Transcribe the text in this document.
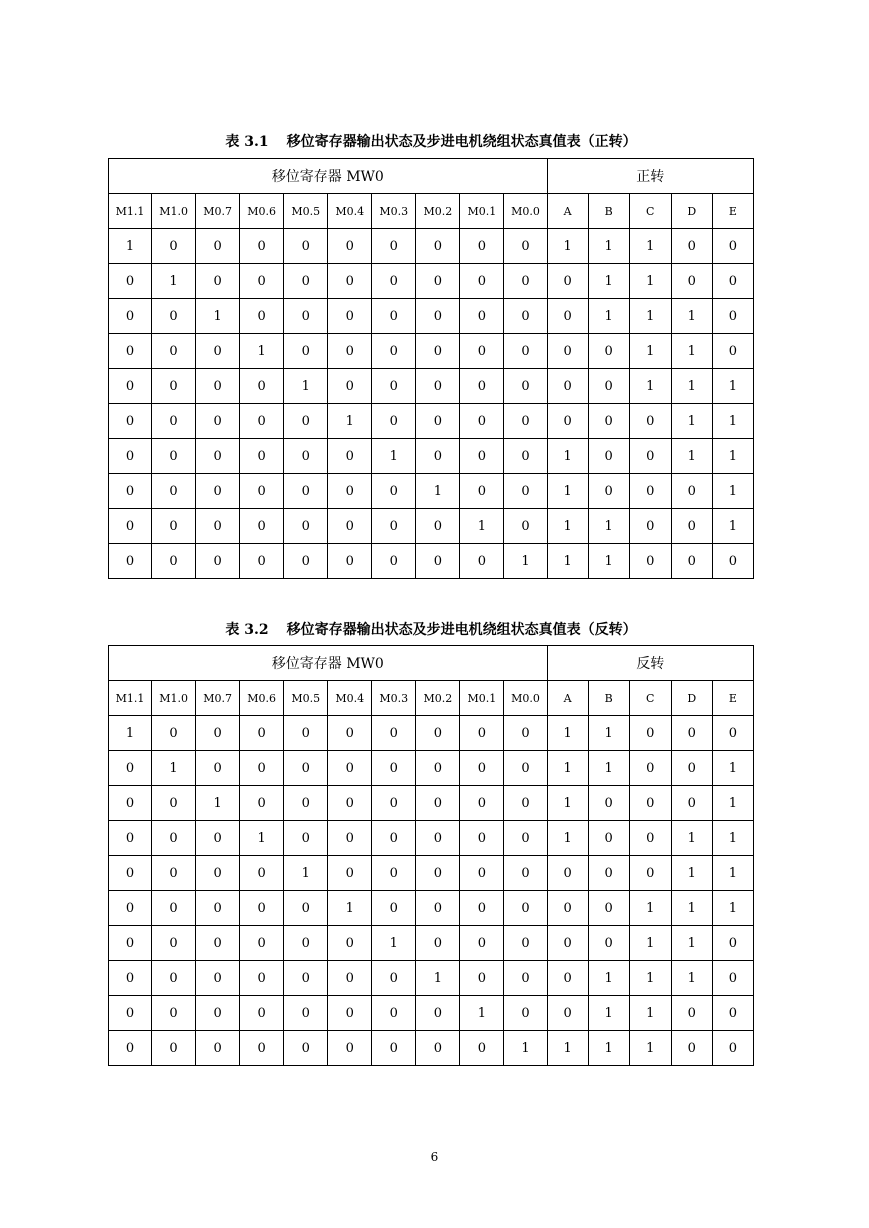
表 3.1 移位寄存器输出状态及步进电机绕组状态真值表（正转）
移位寄存器 MW0										正转				
M1.1	M1.0	M0.7	M0.6	M0.5	M0.4	M0.3	M0.2	M0.1	M0.0	A	B	C	D	E
1	0	0	0	0	0	0	0	0	0	1	1	1	0	0
0	1	0	0	0	0	0	0	0	0	0	1	1	0	0
0	0	1	0	0	0	0	0	0	0	0	1	1	1	0
0	0	0	1	0	0	0	0	0	0	0	0	1	1	0
0	0	0	0	1	0	0	0	0	0	0	0	1	1	1
0	0	0	0	0	1	0	0	0	0	0	0	0	1	1
0	0	0	0	0	0	1	0	0	0	1	0	0	1	1
0	0	0	0	0	0	0	1	0	0	1	0	0	0	1
0	0	0	0	0	0	0	0	1	0	1	1	0	0	1
0	0	0	0	0	0	0	0	0	1	1	1	0	0	0
表 3.2 移位寄存器输出状态及步进电机绕组状态真值表（反转）
移位寄存器 MW0										反转				
M1.1	M1.0	M0.7	M0.6	M0.5	M0.4	M0.3	M0.2	M0.1	M0.0	A	B	C	D	E
1	0	0	0	0	0	0	0	0	0	1	1	0	0	0
0	1	0	0	0	0	0	0	0	0	1	1	0	0	1
0	0	1	0	0	0	0	0	0	0	1	0	0	0	1
0	0	0	1	0	0	0	0	0	0	1	0	0	1	1
0	0	0	0	1	0	0	0	0	0	0	0	0	1	1
0	0	0	0	0	1	0	0	0	0	0	0	1	1	1
0	0	0	0	0	0	1	0	0	0	0	0	1	1	0
0	0	0	0	0	0	0	1	0	0	0	1	1	1	0
0	0	0	0	0	0	0	0	1	0	0	1	1	0	0
0	0	0	0	0	0	0	0	0	1	1	1	1	0	0
6
